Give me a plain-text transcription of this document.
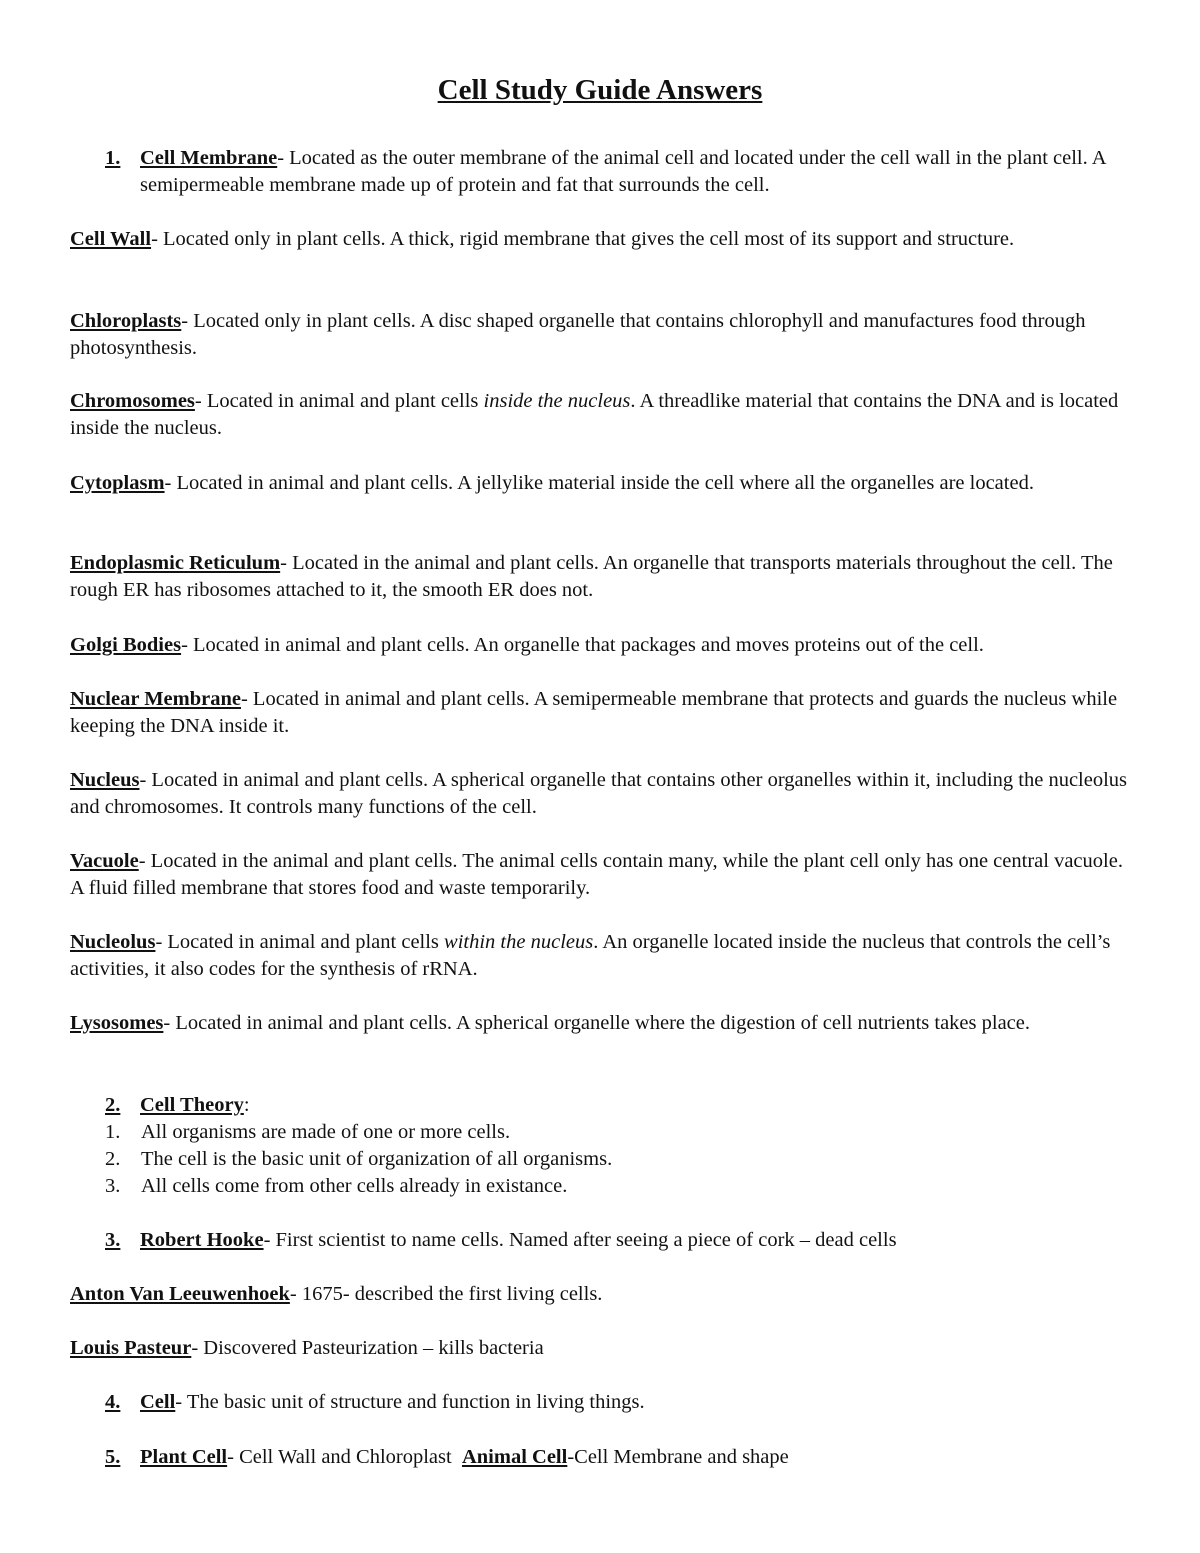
Cell Study Guide Answers
1. Cell Membrane- Located as the outer membrane of the animal cell and located under the cell wall in the plant cell. A semipermeable membrane made up of protein and fat that surrounds the cell.
Cell Wall- Located only in plant cells. A thick, rigid membrane that gives the cell most of its support and structure.
Chloroplasts- Located only in plant cells. A disc shaped organelle that contains chlorophyll and manufactures food through photosynthesis.
Chromosomes- Located in animal and plant cells inside the nucleus. A threadlike material that contains the DNA and is located inside the nucleus.
Cytoplasm- Located in animal and plant cells. A jellylike material inside the cell where all the organelles are located.
Endoplasmic Reticulum- Located in the animal and plant cells. An organelle that transports materials throughout the cell. The rough ER has ribosomes attached to it, the smooth ER does not.
Golgi Bodies- Located in animal and plant cells. An organelle that packages and moves proteins out of the cell.
Nuclear Membrane- Located in animal and plant cells. A semipermeable membrane that protects and guards the nucleus while keeping the DNA inside it.
Nucleus- Located in animal and plant cells. A spherical organelle that contains other organelles within it, including the nucleolus and chromosomes. It controls many functions of the cell.
Vacuole- Located in the animal and plant cells. The animal cells contain many, while the plant cell only has one central vacuole. A fluid filled membrane that stores food and waste temporarily.
Nucleolus- Located in animal and plant cells within the nucleus. An organelle located inside the nucleus that controls the cell’s activities, it also codes for the synthesis of rRNA.
Lysosomes- Located in animal and plant cells. A spherical organelle where the digestion of cell nutrients takes place.
2. Cell Theory:
1. All organisms are made of one or more cells.
2. The cell is the basic unit of organization of all organisms.
3. All cells come from other cells already in existance.
3. Robert Hooke- First scientist to name cells. Named after seeing a piece of cork – dead cells
Anton Van Leeuwenhoek- 1675- described the first living cells.
Louis Pasteur- Discovered Pasteurization – kills bacteria
4. Cell- The basic unit of structure and function in living things.
5. Plant Cell- Cell Wall and Chloroplast  Animal Cell-Cell Membrane and shape
